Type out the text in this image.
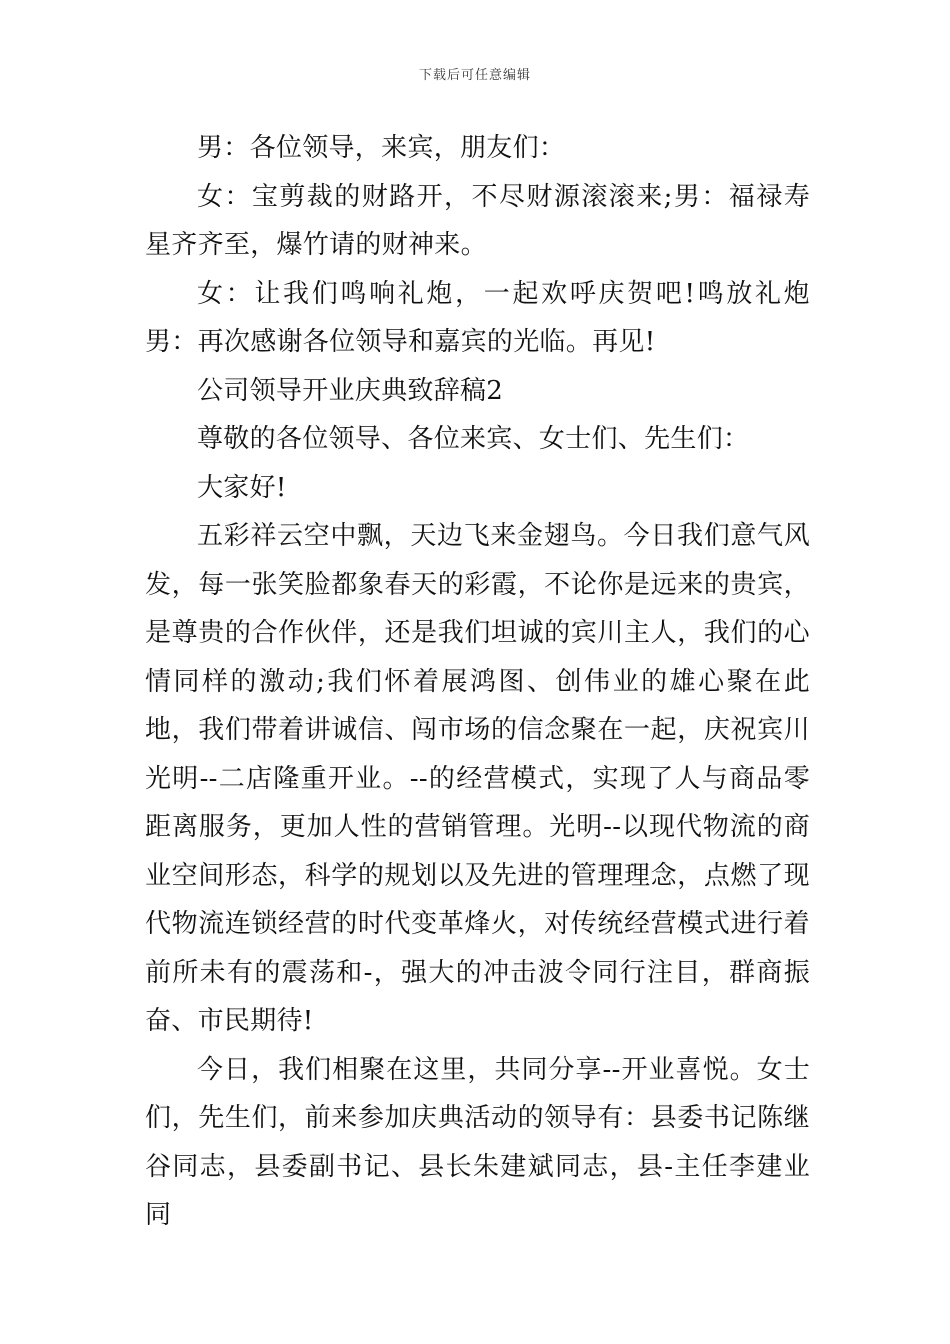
下载后可任意编辑

男：各位领导，来宾，朋友们：

女：宝剪裁的财路开，不尽财源滚滚来;男：福禄寿星齐齐至，爆竹请的财神来。

女：让我们鸣响礼炮，一起欢呼庆贺吧!鸣放礼炮男：再次感谢各位领导和嘉宾的光临。再见!

公司领导开业庆典致辞稿2

尊敬的各位领导、各位来宾、女士们、先生们：

大家好!

五彩祥云空中飘，天边飞来金翅鸟。今日我们意气风发，每一张笑脸都象春天的彩霞，不论你是远来的贵宾，是尊贵的合作伙伴，还是我们坦诚的宾川主人，我们的心情同样的激动;我们怀着展鸿图、创伟业的雄心聚在此地，我们带着讲诚信、闯市场的信念聚在一起，庆祝宾川光明--二店隆重开业。--的经营模式，实现了人与商品零距离服务，更加人性的营销管理。光明--以现代物流的商业空间形态，科学的规划以及先进的管理理念，点燃了现代物流连锁经营的时代变革烽火，对传统经营模式进行着前所未有的震荡和-，强大的冲击波令同行注目，群商振奋、市民期待!

今日，我们相聚在这里，共同分享--开业喜悦。女士们，先生们，前来参加庆典活动的领导有：县委书记陈继谷同志，县委副书记、县长朱建斌同志，县-主任李建业同
